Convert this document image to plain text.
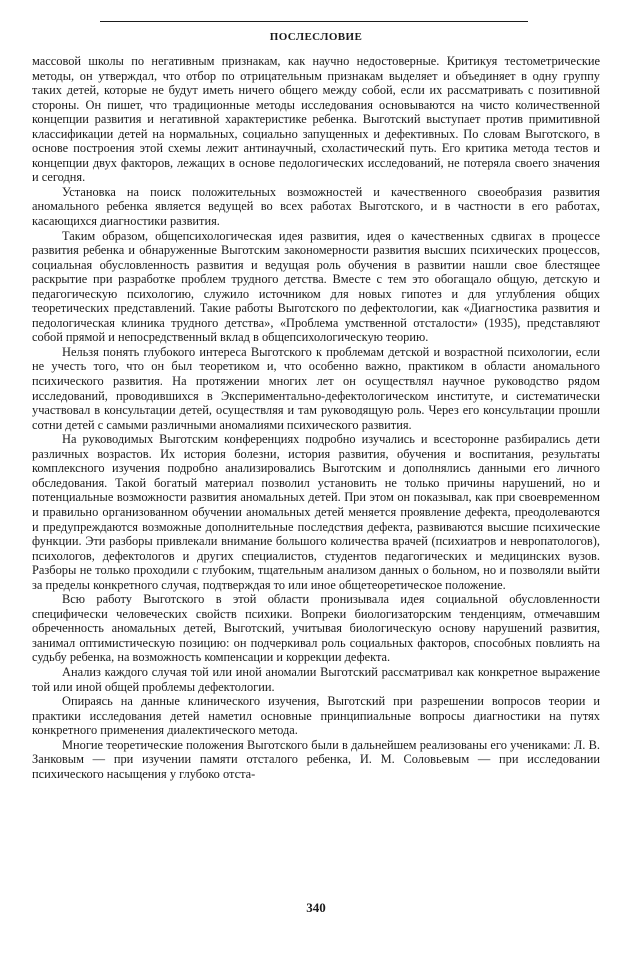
ПОСЛЕСЛОВИЕ

массовой школы по негативным признакам, как научно недостоверные. Критикуя тестометрические методы, он утверждал, что отбор по отрицательным признакам выделяет и объединяет в одну группу таких детей, которые не будут иметь ничего общего между собой, если их рассматривать с позитивной стороны. Он пишет, что традиционные методы исследования основываются на чисто количественной концепции развития и негативной характеристике ребенка. Выготский выступает против примитивной классификации детей на нормальных, социально запущенных и дефективных. По словам Выготского, в основе построения этой схемы лежит антинаучный, схоластический путь. Его критика метода тестов и концепции двух факторов, лежащих в основе педологических исследований, не потеряла своего значения и сегодня.

Установка на поиск положительных возможностей и качественного своеобразия развития аномального ребенка является ведущей во всех работах Выготского, и в частности в его работах, касающихся диагностики развития.

Таким образом, общепсихологическая идея развития, идея о качественных сдвигах в процессе развития ребенка и обнаруженные Выготским закономерности развития высших психических процессов, социальная обусловленность развития и ведущая роль обучения в развитии нашли свое блестящее раскрытие при разработке проблем трудного детства. Вместе с тем это обогащало общую, детскую и педагогическую психологию, служило источником для новых гипотез и для углубления общих теоретических представлений. Такие работы Выготского по дефектологии, как «Диагностика развития и педологическая клиника трудного детства», «Проблема умственной отсталости» (1935), представляют собой прямой и непосредственный вклад в общепсихологическую теорию.

Нельзя понять глубокого интереса Выготского к проблемам детской и возрастной психологии, если не учесть того, что он был теоретиком и, что особенно важно, практиком в области аномального психического развития. На протяжении многих лет он осуществлял научное руководство рядом исследований, проводившихся в Экспериментально-дефектологическом институте, и систематически участвовал в консультации детей, осуществляя и там руководящую роль. Через его консультации прошли сотни детей с самыми различными аномалиями психического развития.

На руководимых Выготским конференциях подробно изучались и всесторонне разбирались дети различных возрастов. Их история болезни, история развития, обучения и воспитания, результаты комплексного изучения подробно анализировались Выготским и дополнялись данными его личного обследования. Такой богатый материал позволил установить не только причины нарушений, но и потенциальные возможности развития аномальных детей. При этом он показывал, как при своевременном и правильно организованном обучении аномальных детей меняется проявление дефекта, преодолеваются и предупреждаются возможные дополнительные последствия дефекта, развиваются высшие психические функции. Эти разборы привлекали внимание большого количества врачей (психиатров и невропатологов), психологов, дефектологов и других специалистов, студентов педагогических и медицинских вузов. Разборы не только проходили с глубоким, тщательным анализом данных о больном, но и позволяли выйти за пределы конкретного случая, подтверждая то или иное общетеоретическое положение.

Всю работу Выготского в этой области пронизывала идея социальной обусловленности специфически человеческих свойств психики. Вопреки биологизаторским тенденциям, отмечавшим обреченность аномальных детей, Выготский, учитывая биологическую основу нарушений развития, занимал оптимистическую позицию: он подчеркивал роль социальных факторов, способных повлиять на судьбу ребенка, на возможность компенсации и коррекции дефекта.

Анализ каждого случая той или иной аномалии Выготский рассматривал как конкретное выражение той или иной общей проблемы дефектологии.

Опираясь на данные клинического изучения, Выготский при разрешении вопросов теории и практики исследования детей наметил основные принципиальные вопросы диагностики на путях конкретного применения диалектического метода.

Многие теоретические положения Выготского были в дальнейшем реализованы его учениками: Л. В. Занковым — при изучении памяти отсталого ребенка, И. М. Соловьевым — при исследовании психического насыщения у глубоко отста-

340
